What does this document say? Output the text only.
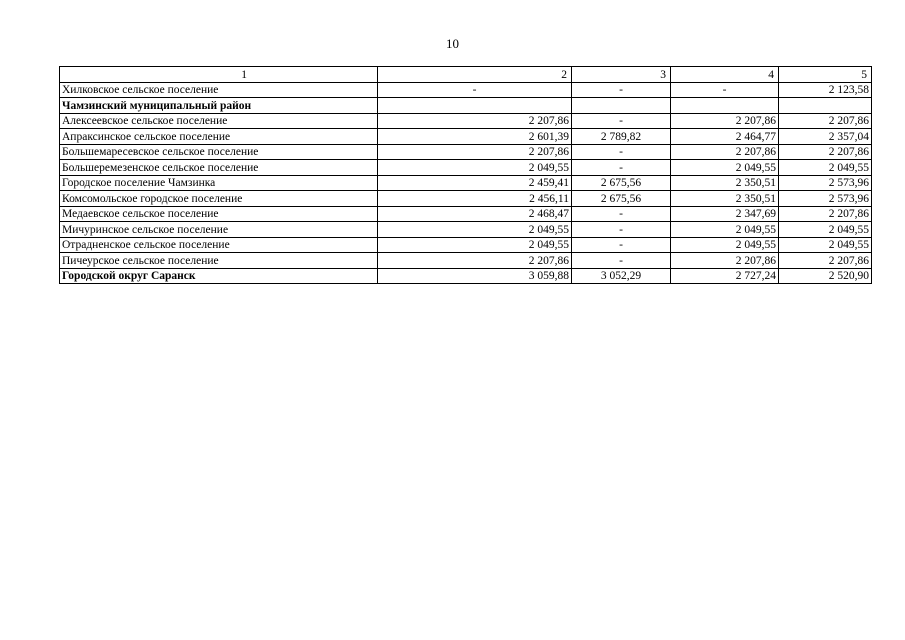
10
1	2	3	4	5
Хилковское сельское поселение	-	-	-	2 123,58
Чамзинский муниципальный район				
Алексеевское сельское поселение	2 207,86	-	2 207,86	2 207,86
Апраксинское сельское поселение	2 601,39	2 789,82	2 464,77	2 357,04
Большемаресевское сельское поселение	2 207,86	-	2 207,86	2 207,86
Большеремезенское сельское поселение	2 049,55	-	2 049,55	2 049,55
Городское поселение Чамзинка	2 459,41	2 675,56	2 350,51	2 573,96
Комсомольское городское поселение	2 456,11	2 675,56	2 350,51	2 573,96
Медаевское сельское поселение	2 468,47	-	2 347,69	2 207,86
Мичуринское сельское поселение	2 049,55	-	2 049,55	2 049,55
Отрадненское сельское поселение	2 049,55	-	2 049,55	2 049,55
Пичеурское сельское поселение	2 207,86	-	2 207,86	2 207,86
Городской округ Саранск	3 059,88	3 052,29	2 727,24	2 520,90
